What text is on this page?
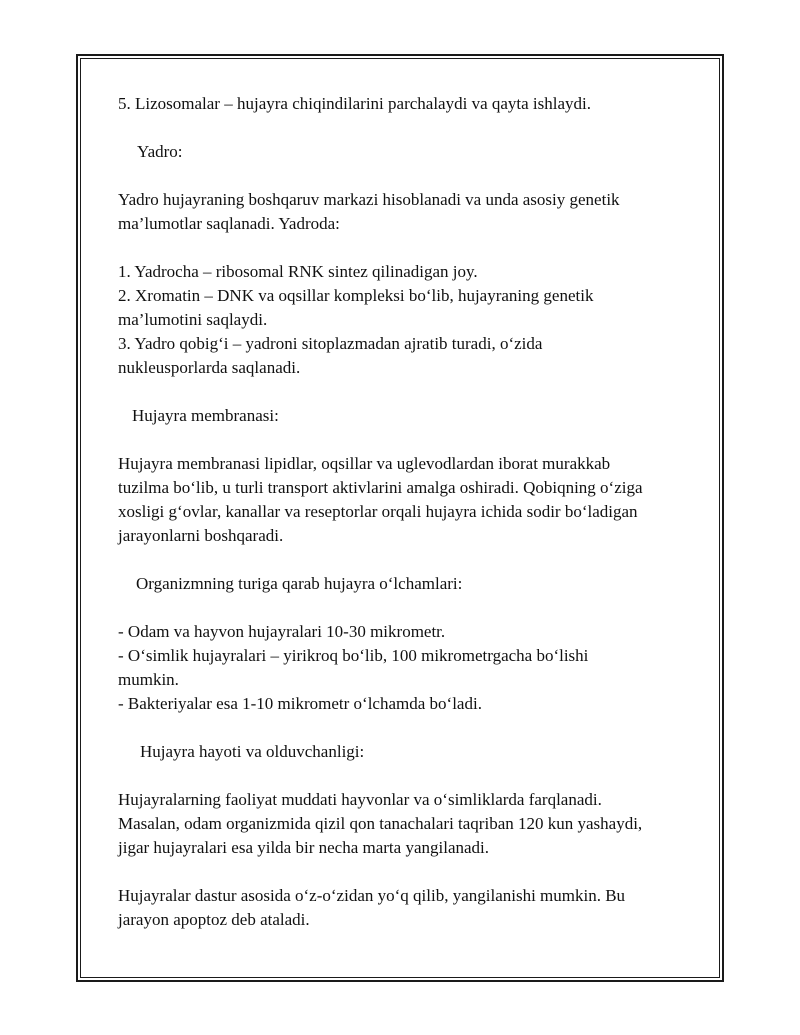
5. Lizosomalar – hujayra chiqindilarini parchalaydi va qayta ishlaydi.

Yadro:

Yadro hujayraning boshqaruv markazi hisoblanadi va unda asosiy genetik

ma’lumotlar saqlanadi. Yadroda:

1. Yadrocha – ribosomal RNK sintez qilinadigan joy.

2. Xromatin – DNK va oqsillar kompleksi bo‘lib, hujayraning genetik

ma’lumotini saqlaydi.

3. Yadro qobig‘i – yadroni sitoplazmadan ajratib turadi, o‘zida

nukleusporlarda saqlanadi.

Hujayra membranasi:

Hujayra membranasi lipidlar, oqsillar va uglevodlardan iborat murakkab

tuzilma bo‘lib, u turli transport aktivlarini amalga oshiradi. Qobiqning o‘ziga

xosligi g‘ovlar, kanallar va reseptorlar orqali hujayra ichida sodir bo‘ladigan

jarayonlarni boshqaradi.

Organizmning turiga qarab hujayra o‘lchamlari:

- Odam va hayvon hujayralari 10-30 mikrometr.

- O‘simlik hujayralari – yirikroq bo‘lib, 100 mikrometrgacha bo‘lishi

mumkin.

- Bakteriyalar esa 1-10 mikrometr o‘lchamda bo‘ladi.

Hujayra hayoti va olduvchanligi:

Hujayralarning faoliyat muddati hayvonlar va o‘simliklarda farqlanadi.

Masalan, odam organizmida qizil qon tanachalari taqriban 120 kun yashaydi,

jigar hujayralari esa yilda bir necha marta yangilanadi.

Hujayralar dastur asosida o‘z-o‘zidan yo‘q qilib, yangilanishi mumkin. Bu

jarayon apoptoz deb ataladi.
